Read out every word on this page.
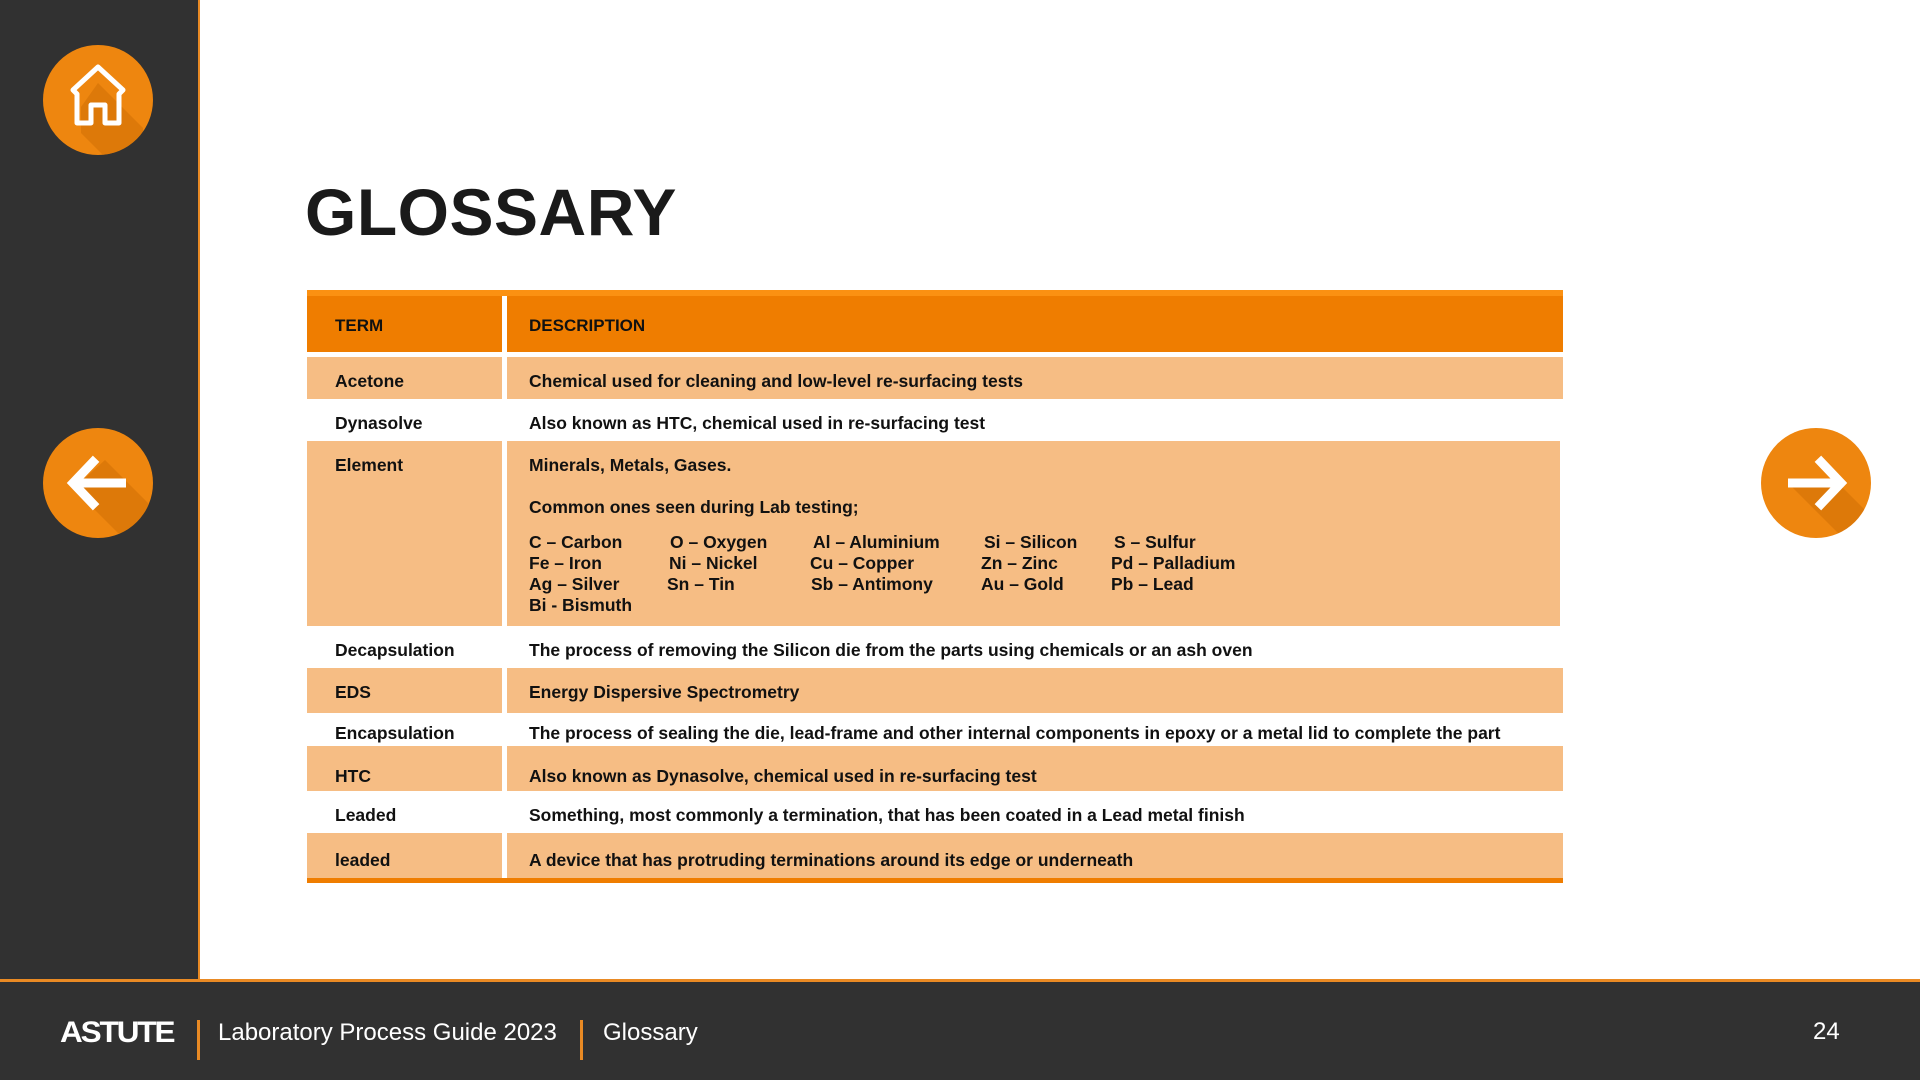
GLOSSARY
TERM	DESCRIPTION
Acetone	Chemical used for cleaning and low-level re-surfacing tests
Dynasolve	Also known as HTC, chemical used in re-surfacing test
Element	Minerals, Metals, Gases.
Common ones seen during Lab testing;
C – Carbon	O – Oxygen	Al – Aluminium	Si – Silicon S – Sulfur
Fe – Iron	Ni – Nickel	Cu – Copper	Zn – Zinc	Pd – Palladium
Ag – Silver	Sn – Tin	Sb – Antimony	Au – Gold	Pb – Lead
Bi - Bismuth
Decapsulation	The process of removing the Silicon die from the parts using chemicals or an ash oven
EDS	Energy Dispersive Spectrometry
Encapsulation	The process of sealing the die, lead-frame and other internal components in epoxy or a metal lid to complete the part
HTC	Also known as Dynasolve, chemical used in re-surfacing test
Leaded	Something, most commonly a termination, that has been coated in a Lead metal finish
leaded	A device that has protruding terminations around its edge or underneath
ASTUTE Laboratory Process Guide 2023 Glossary	24
